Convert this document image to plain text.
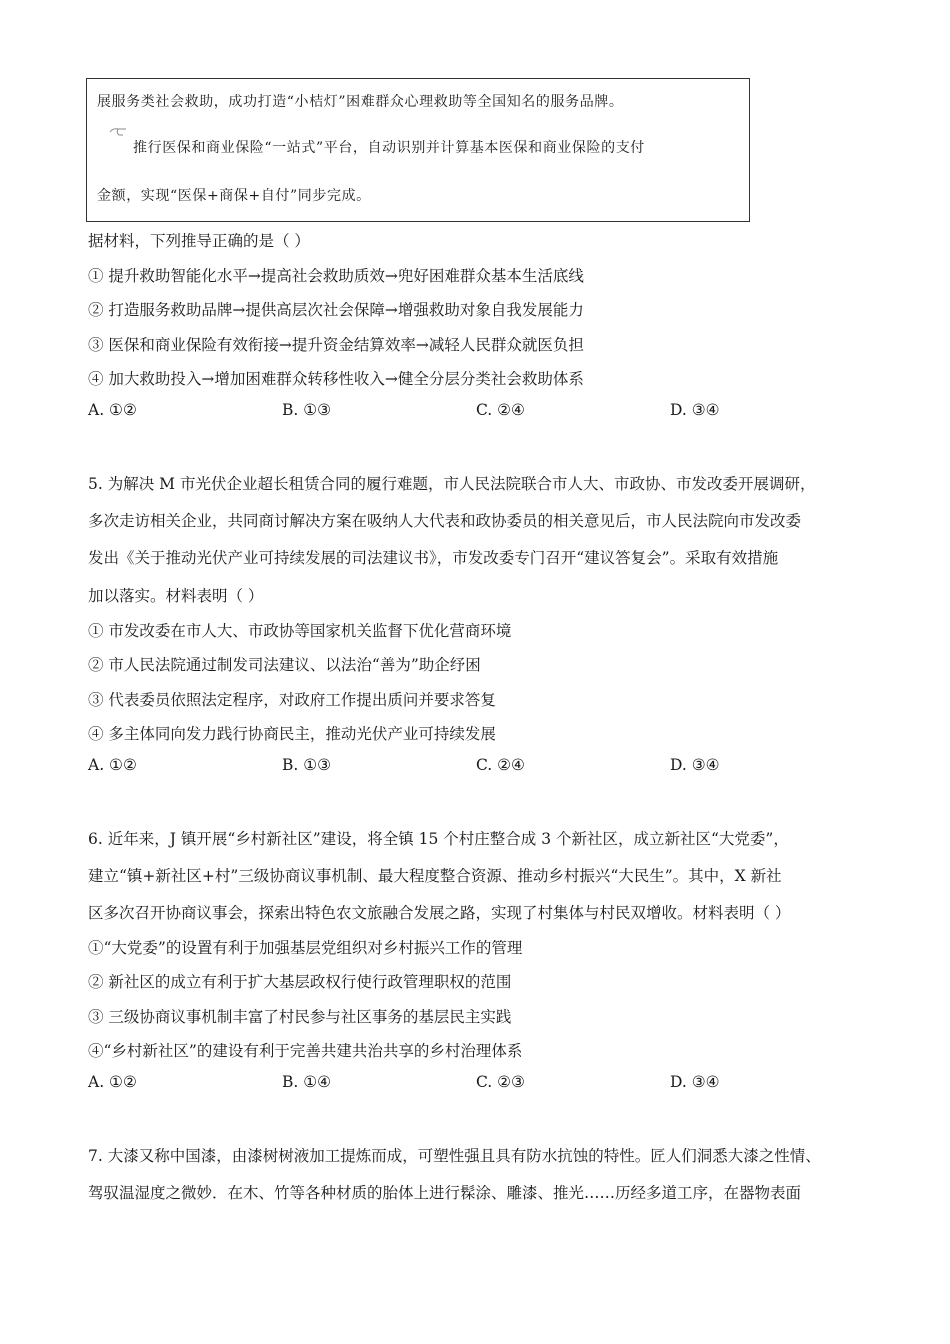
展服务类社会救助，成功打造“小桔灯”困难群众心理救助等全国知名的服务品牌。
推行医保和商业保险“一站式”平台，自动识别并计算基本医保和商业保险的支付
金额，实现“医保+商保+自付”同步完成。
据材料，下列推导正确的是（ ）
① 提升救助智能化水平→提高社会救助质效→兜好困难群众基本生活底线
② 打造服务救助品牌→提供高层次社会保障→增强救助对象自我发展能力
③ 医保和商业保险有效衔接→提升资金结算效率→减轻人民群众就医负担
④ 加大救助投入→增加困难群众转移性收入→健全分层分类社会救助体系
A. ①②	B. ①③	C. ②④	D. ③④
5. 为解决 M 市光伏企业超长租赁合同的履行难题，市人民法院联合市人大、市政协、市发改委开展调研，
多次走访相关企业，共同商讨解决方案在吸纳人大代表和政协委员的相关意见后，市人民法院向市发改委
发出《关于推动光伏产业可持续发展的司法建议书》，市发改委专门召开“建议答复会”。采取有效措施
加以落实。材料表明（ ）
① 市发改委在市人大、市政协等国家机关监督下优化营商环境
② 市人民法院通过制发司法建议、以法治“善为”助企纾困
③ 代表委员依照法定程序，对政府工作提出质问并要求答复
④ 多主体同向发力践行协商民主，推动光伏产业可持续发展
A. ①②	B. ①③	C. ②④	D. ③④
6. 近年来，J 镇开展“乡村新社区”建设，将全镇 15 个村庄整合成 3 个新社区，成立新社区“大党委”，
建立“镇+新社区+村”三级协商议事机制、最大程度整合资源、推动乡村振兴“大民生”。其中，X 新社
区多次召开协商议事会，探索出特色农文旅融合发展之路，实现了村集体与村民双增收。材料表明（ ）
①“大党委”的设置有利于加强基层党组织对乡村振兴工作的管理
② 新社区的成立有利于扩大基层政权行使行政管理职权的范围
③ 三级协商议事机制丰富了村民参与社区事务的基层民主实践
④“乡村新社区”的建设有利于完善共建共治共享的乡村治理体系
A. ①②	B. ①④	C. ②③	D. ③④
7. 大漆又称中国漆，由漆树树液加工提炼而成，可塑性强且具有防水抗蚀的特性。匠人们洞悉大漆之性情、
驾驭温湿度之微妙．在木、竹等各种材质的胎体上进行髹涂、雕漆、推光……历经多道工序，在器物表面
